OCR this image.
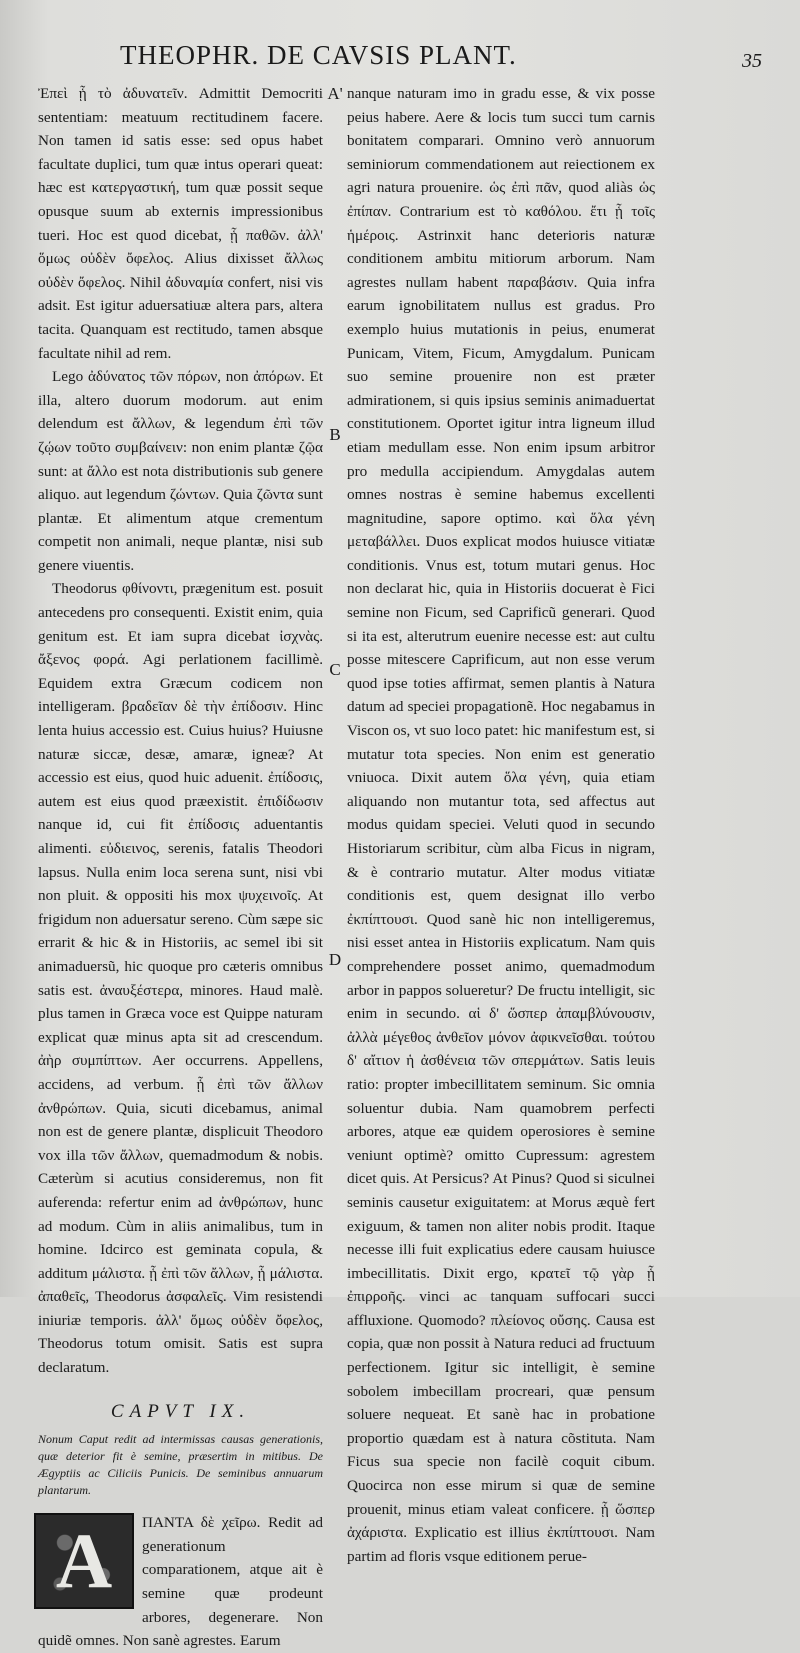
THEOPHR. DE CAVSIS PLANT.	35

Ἐπεὶ ᾗ τὸ ἀδυνατεῖν. Admittit Democriti sententiam: meatuum rectitudinem facere. Non tamen id satis esse: sed opus habet facultate duplici, tum quæ intus operari queat: hæc est κατεργαστική, tum quæ possit seque opusque suum ab externis impressionibus tueri. Hoc est quod dicebat, ᾗ παθῶν. ἀλλ' ὅμως οὐδὲν ὄφελος. Alius dixisset ἄλλως οὐδὲν ὄφελος. Nihil ἀδυναμία confert, nisi vis adsit. Est igitur aduersatiuæ altera pars, altera tacita. Quanquam est rectitudo, tamen absque facultate nihil ad rem.

Lego ἀδύνατος τῶν πόρων, non ἀπόρων. Et illa, altero duorum modorum. aut enim delendum est ἄλλων, & legendum ἐπὶ τῶν ζῴων τοῦτο συμβαίνειν: non enim plantæ ζῷα sunt: at ἄλλο est nota distributionis sub genere aliquo. aut legendum ζώντων. Quia ζῶντα sunt plantæ. Et alimentum atque crementum competit non animali, neque plantæ, nisi sub genere viuentis.

Theodorus φθίνοντι, prægenitum est. posuit antecedens pro consequenti. Existit enim, quia genitum est. Et iam supra dicebat ἰσχνὰς. ἄξενος φορά. Agi perlationem facillimè. Equidem extra Græcum codicem non intelligeram. βραδεῖαν δὲ τὴν ἐπίδοσιν. Hinc lenta huius accessio est. Cuius huius? Huiusne naturæ siccæ, desæ, amaræ, igneæ? At accessio est eius, quod huic aduenit. ἐπίδοσις, autem est eius quod præexistit. ἐπιδίδωσιν nanque id, cui fit ἐπίδοσις aduentantis alimenti. εὐδιεινος, serenis, fatalis Theodori lapsus. Nulla enim loca serena sunt, nisi vbi non pluit. & oppositi his mox ψυχεινοῖς. At frigidum non aduersatur sereno. Cùm sæpe sic errarit & hic & in Historiis, ac semel ibi sit animaduersũ, hic quoque pro cæteris omnibus satis est. ἀναυξέστερα, minores. Haud malè. plus tamen in Græca voce est Quippe naturam explicat quæ minus apta sit ad crescendum. ἀὴρ συμπίπτων. Aer occurrens. Appellens, accidens, ad verbum. ᾗ ἐπὶ τῶν ἄλλων ἀνθρώπων. Quia, sicuti dicebamus, animal non est de genere plantæ, displicuit Theodoro vox illa τῶν ἄλλων, quemadmodum & nobis. Cæterùm si acutius consideremus, non fit auferenda: refertur enim ad ἀνθρώπων, hunc ad modum. Cùm in aliis animalibus, tum in homine. Idcirco est geminata copula, & additum μάλιστα. ᾗ ἐπὶ τῶν ἄλλων, ᾗ μάλιστα. ἀπαθεῖς, Theodorus ἀσφαλεῖς. Vim resistendi iniuriæ temporis. ἀλλ' ὅμως οὐδὲν ὄφελος, Theodorus totum omisit. Satis est supra declaratum.

CAPVT IX.
Nonum Caput redit ad intermissas causas generationis, quæ deterior fit è semine, præsertim in mitibus. De Ægyptiis ac Ciliciis Punicis. De seminibus annuarum plantarum.
A	ΠΑΝΤΑ δὲ χεῖρω. Redit ad generationum comparationem, atque ait è semine quæ prodeunt arbores, degenerare. Non quidẽ omnes. Non sanè agrestes. Earum

A'
B
C
D

nanque naturam imo in gradu esse, & vix posse peius habere. Aere & locis tum succi tum carnis bonitatem comparari. Omnino verò annuorum seminiorum commendationem aut reiectionem ex agri natura prouenire. ὡς ἐπὶ πᾶν, quod aliàs ὡς ἐπίπαν. Contrarium est τὸ καθόλου. ἔτι ᾗ τοῖς ἡμέροις. Astrinxit hanc deterioris naturæ conditionem ambitu mitiorum arborum. Nam agrestes nullam habent παραβάσιν. Quia infra earum ignobilitatem nullus est gradus. Pro exemplo huius mutationis in peius, enumerat Punicam, Vitem, Ficum, Amygdalum. Punicam suo semine prouenire non est præter admirationem, si quis ipsius seminis animaduertat constitutionem. Oportet igitur intra ligneum illud etiam medullam esse. Non enim ipsum arbitror pro medulla accipiendum. Amygdalas autem omnes nostras è semine habemus excellenti magnitudine, sapore optimo. καὶ ὅλα γένη μεταβάλλει. Duos explicat modos huiusce vitiatæ conditionis. Vnus est, totum mutari genus. Hoc non declarat hic, quia in Historiis docuerat è Fici semine non Ficum, sed Caprificũ generari. Quod si ita est, alterutrum euenire necesse est: aut cultu posse mitescere Caprificum, aut non esse verum quod ipse toties affirmat, semen plantis à Natura datum ad speciei propagationẽ. Hoc negabamus in Viscon os, vt suo loco patet: hic manifestum est, si mutatur tota species. Non enim est generatio vniuoca. Dixit autem ὅλα γένη, quia etiam aliquando non mutantur tota, sed affectus aut modus quidam speciei. Veluti quod in secundo Historiarum scribitur, cùm alba Ficus in nigram, & è contrario mutatur. Alter modus vitiatæ conditionis est, quem designat illo verbo ἐκπίπτουσι. Quod sanè hic non intelligeremus, nisi esset antea in Historiis explicatum. Nam quis comprehendere posset animo, quemadmodum arbor in pappos solueretur? De fructu intelligit, sic enim in secundo. αἱ δ' ὥσπερ ἀπαμβλύνουσιν, ἀλλὰ μέγεθος ἀνθεῖον μόνον ἀφικνεῖσθαι. τούτου δ' αἴτιον ἡ ἀσθένεια τῶν σπερμάτων. Satis leuis ratio: propter imbecillitatem seminum. Sic omnia soluentur dubia. Nam quamobrem perfecti arbores, atque eæ quidem operosiores è semine veniunt optimè? omitto Cupressum: agrestem dicet quis. At Persicus? At Pinus? Quod si siculnei seminis causetur exiguitatem: at Morus æquè fert exiguum, & tamen non aliter nobis prodit. Itaque necesse illi fuit explicatius edere causam huiusce imbecillitatis. Dixit ergo, κρατεῖ τῷ γὰρ ᾗ ἐπιρροῆς. vinci ac tanquam suffocari succi affluxione. Quomodo? πλείονος οὔσης. Causa est copia, quæ non possit à Natura reduci ad fructuum perfectionem. Igitur sic intelligit, è semine sobolem imbecillam procreari, quæ pensum soluere nequeat. Et sanè hac in probatione proportio quædam est à natura cõstituta. Nam Ficus sua specie non facilè coquit cibum. Quocirca non esse mirum si quæ de semine prouenit, minus etiam valeat conficere. ᾗ ὥσπερ ἀχάριστα. Explicatio est illius ἐκπίπτουσι. Nam partim ad floris vsque editionem perue-
